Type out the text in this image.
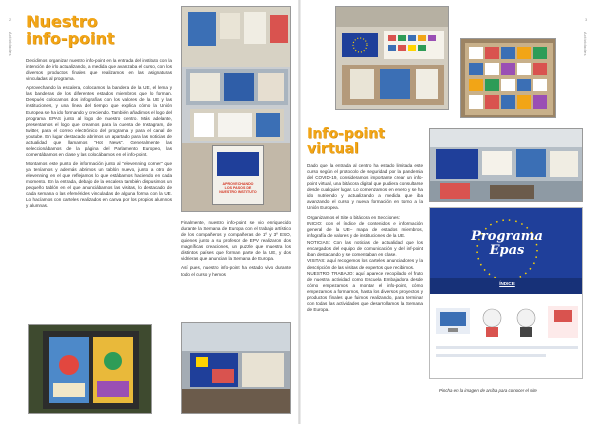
Actividades
2 Nuestro
info-point

Decidimos organizar nuestro info-point en la entrada del instituto con la intención de irlo actualizando, a medida que avanzaba el curso, con los diversos productos finales que realizamos en las asignaturas vinculadas al programa.

Aprovechando la escalera, colocamos la bandera de la UE, el lema y las banderas de los diferentes estados miembros que lo forman. Después colocamos dos infografías con los valores de la UE y las instituciones, y una línea del tiempo que explica cómo la Unión Europea se ha ido formando y creciendo. También añadimos el logo del programa EPAS junto al logo de nuestro centro. Más adelante, presentamos el logo que creamos para la cuenta de Instagram, de twitter, para el correo electrónico del programa y para el canal de youtube. En lugar destacado abrimos un apartado para las noticias de actualidad que llamamos "Hot News". Generalmente las seleccionábamos de la página del Parlamento Europeo, las comentábamos en clase y las colocábamos en el info-point.

Montamos este punto de información junto al "elevenning corner" que ya teníamos y además abrimos un tablón nuevo, junto a otro de elevenning en el que reflejamos lo que estábamos haciendo en cada momento. En la entrada, debajo de la escalera también dispusimos un pequeño tablón en el que anunciábamos las visitas, lo destacado de cada semana o las efemérides vinculadas de alguna forma con la UE. Lo hacíamos con carteles realizados en canva por los propios alumnos y alumnas.

APROVECHANDO
LOS PASOS DE
NUESTRO INSTITUTO

Finalmente, nuestro info-point se vio enriquecido durante la Semana de Europa con el trabajo artístico de los compañeros y compañeras de 1º y 3º ESO, quienes junto a su profesor de EPV realizaron dos magníficas creaciones, un puzzle que muestra los distintos países que forman parte de la UE, y dos vidrieras que anuncian la Semana de Europa.

Así pues, nuestro info-point ha estado vivo durante todo el curso y hemos

Actividades
3
Info-point
virtual

Dado que la entrada al centro ha estado limitada este curso según el protocolo de seguridad por la pandemia del COVID-19, consideramos importante crear un info-point virtual, una bitácora digital que pudiera consultarse desde cualquier lugar. Lo comenzamos en enero y se ha ido nutriendo y actualizando a medida que iba avanzando el curso y nueva formación en torno a la Unión Europea.

Organizamos el Site o bitácora en Secciones:

INICIO: con el índice de contenidos e información general de la UE– mapa de estados miembros, infografía de valores y de instituciones de la UE.

NOTICIAS: Con las noticias de actualidad que los encargados del equipo de comunicación y del inf-point iban destacando y se comentaban en clase.

VISITAS: aquí recogemos los carteles anunciadores y la descripción de las visitas de expertos que recibimos.

NUESTRO TRABAJO: aquí aparece recopilado el fruto de nuestra actividad como Escuela Embajadora desde cómo empezamos a montar el info-point, cómo empezamos a formarnos, hasta los diversos proyectos y productos finales que fuimos realizando, para terminar con todas las actividades que desarrollamos la Semana de Europa.

Programa
Epas
ÍNDICE
Pincha en la imagen de arriba para conocer el site
